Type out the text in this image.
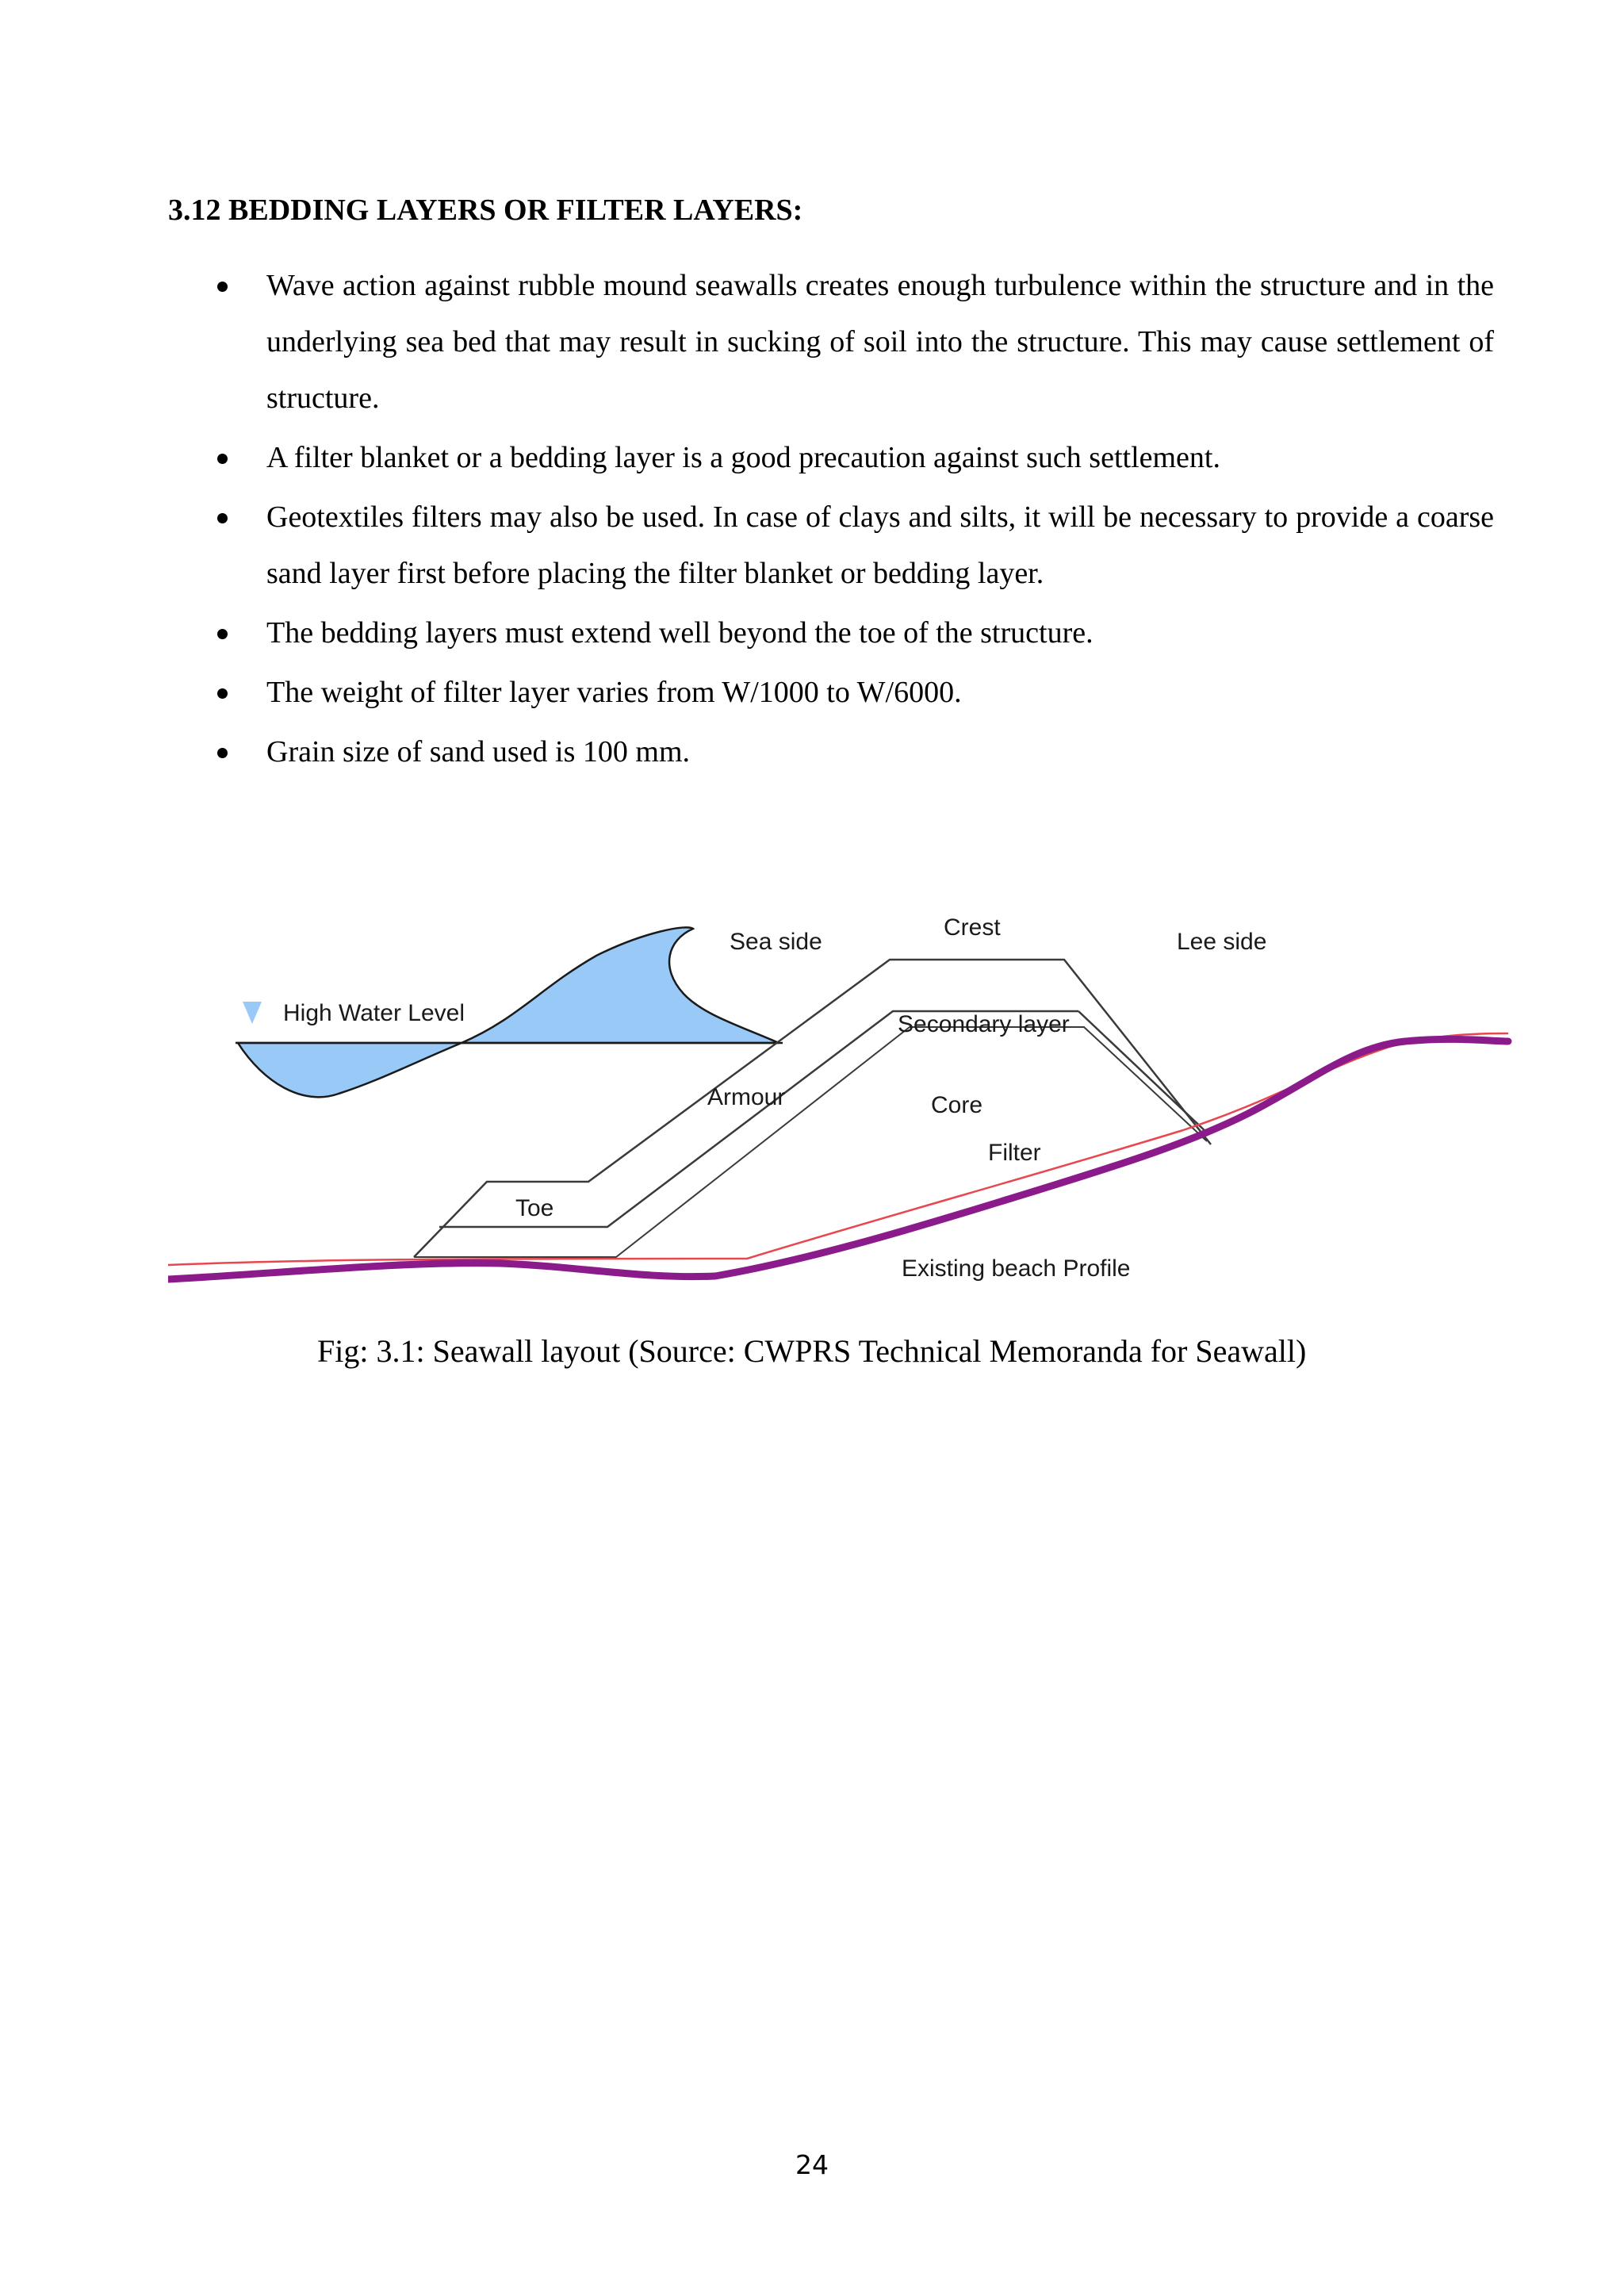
3.12 BEDDING LAYERS OR FILTER LAYERS:
Wave action against rubble mound seawalls creates enough turbulence within the structure and in the underlying sea bed that may result in sucking of soil into the structure. This may cause settlement of structure.
A filter blanket or a bedding layer is a good precaution against such settlement.
Geotextiles filters may also be used. In case of clays and silts, it will be necessary to provide a coarse sand layer first before placing the filter blanket or bedding layer.
The bedding layers must extend well beyond the toe of the structure.
The weight of filter layer varies from W/1000 to W/6000.
Grain size of sand used is 100 mm.
High Water Level
Sea side
Crest
Lee side
Secondary layer
Armour	Core
Filter
Toe
Existing beach Profile

Fig: 3.1: Seawall layout (Source: CWPRS Technical Memoranda for Seawall)

24
